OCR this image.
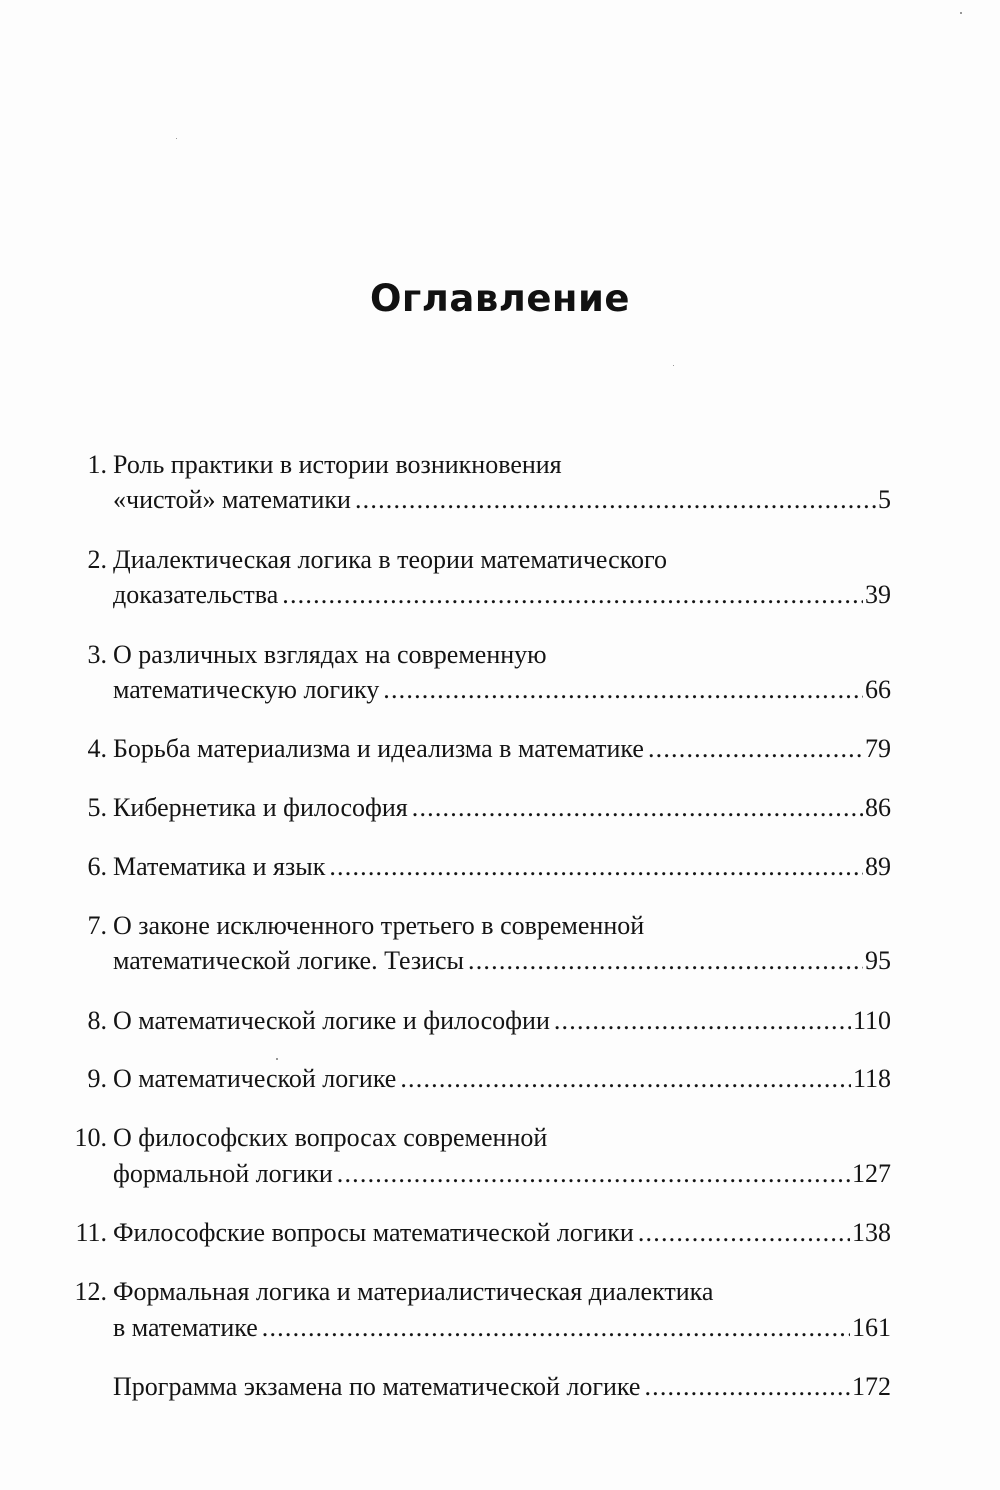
Оглавление
1. Роль практики в истории возникновения
«чистой» математики .....	5
2. Диалектическая логика в теории математического
доказательства .....	39
3. О различных взглядах на современную
математическую логику .....	66
4. Борьба материализма и идеализма в математике .....	79
5. Кибернетика и философия .....	86
6. Математика и язык .....	89
7. О законе исключенного третьего в современной
математической логике. Тезисы .....	95
8. О математической логике и философии .....	110
9. О математической логике .....	118
10. О философских вопросах современной
формальной логики .....	127
11. Философские вопросы математической логики .....	138
12. Формальная логика и материалистическая диалектика
в математике .....	161
Программа экзамена по математической логике .....	172
